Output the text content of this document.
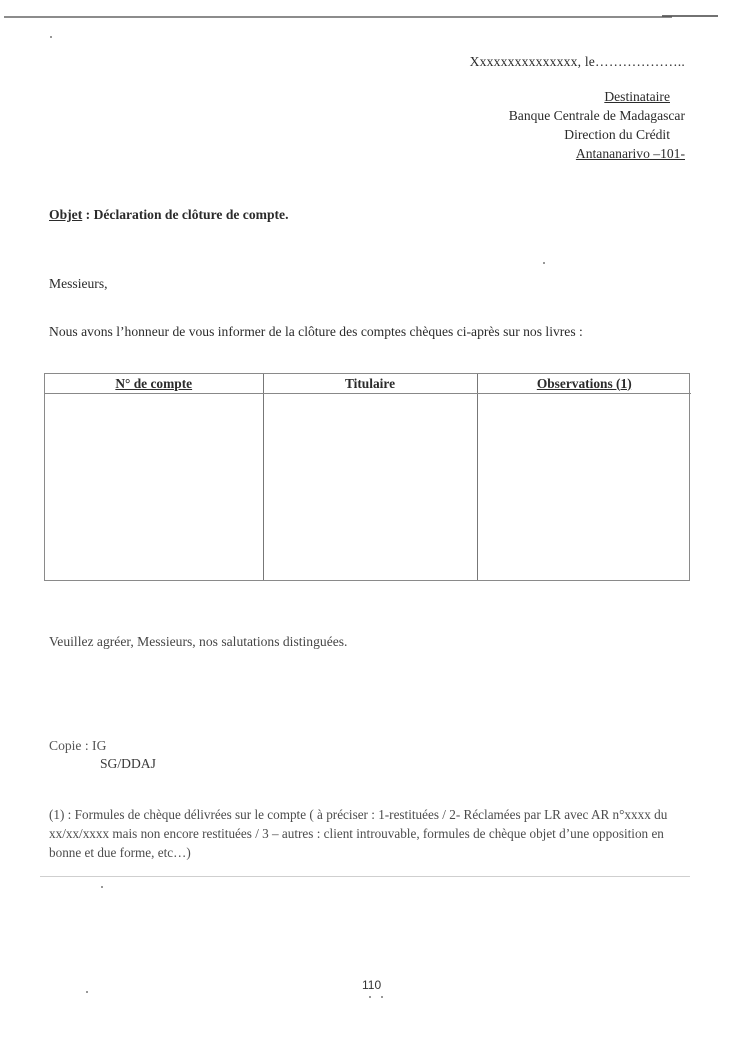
Xxxxxxxxxxxxxxx, le………………..
Destinataire
Banque Centrale de Madagascar
Direction du Crédit
Antananarivo –101-
Objet : Déclaration de clôture de compte.
Messieurs,
Nous avons l’honneur de vous informer de la clôture des comptes chèques ci-après sur nos livres :
N° de compte	Titulaire	Observations (1)

Veuillez agréer, Messieurs, nos salutations distinguées.
Copie : IG
SG/DDAJ
(1) : Formules de chèque délivrées sur le compte ( à préciser : 1-restituées / 2- Réclamées par LR avec AR n°xxxx du xx/xx/xxxx mais non encore restituées / 3 – autres : client introuvable, formules de chèque objet d’une opposition en bonne et due forme, etc…)
110
